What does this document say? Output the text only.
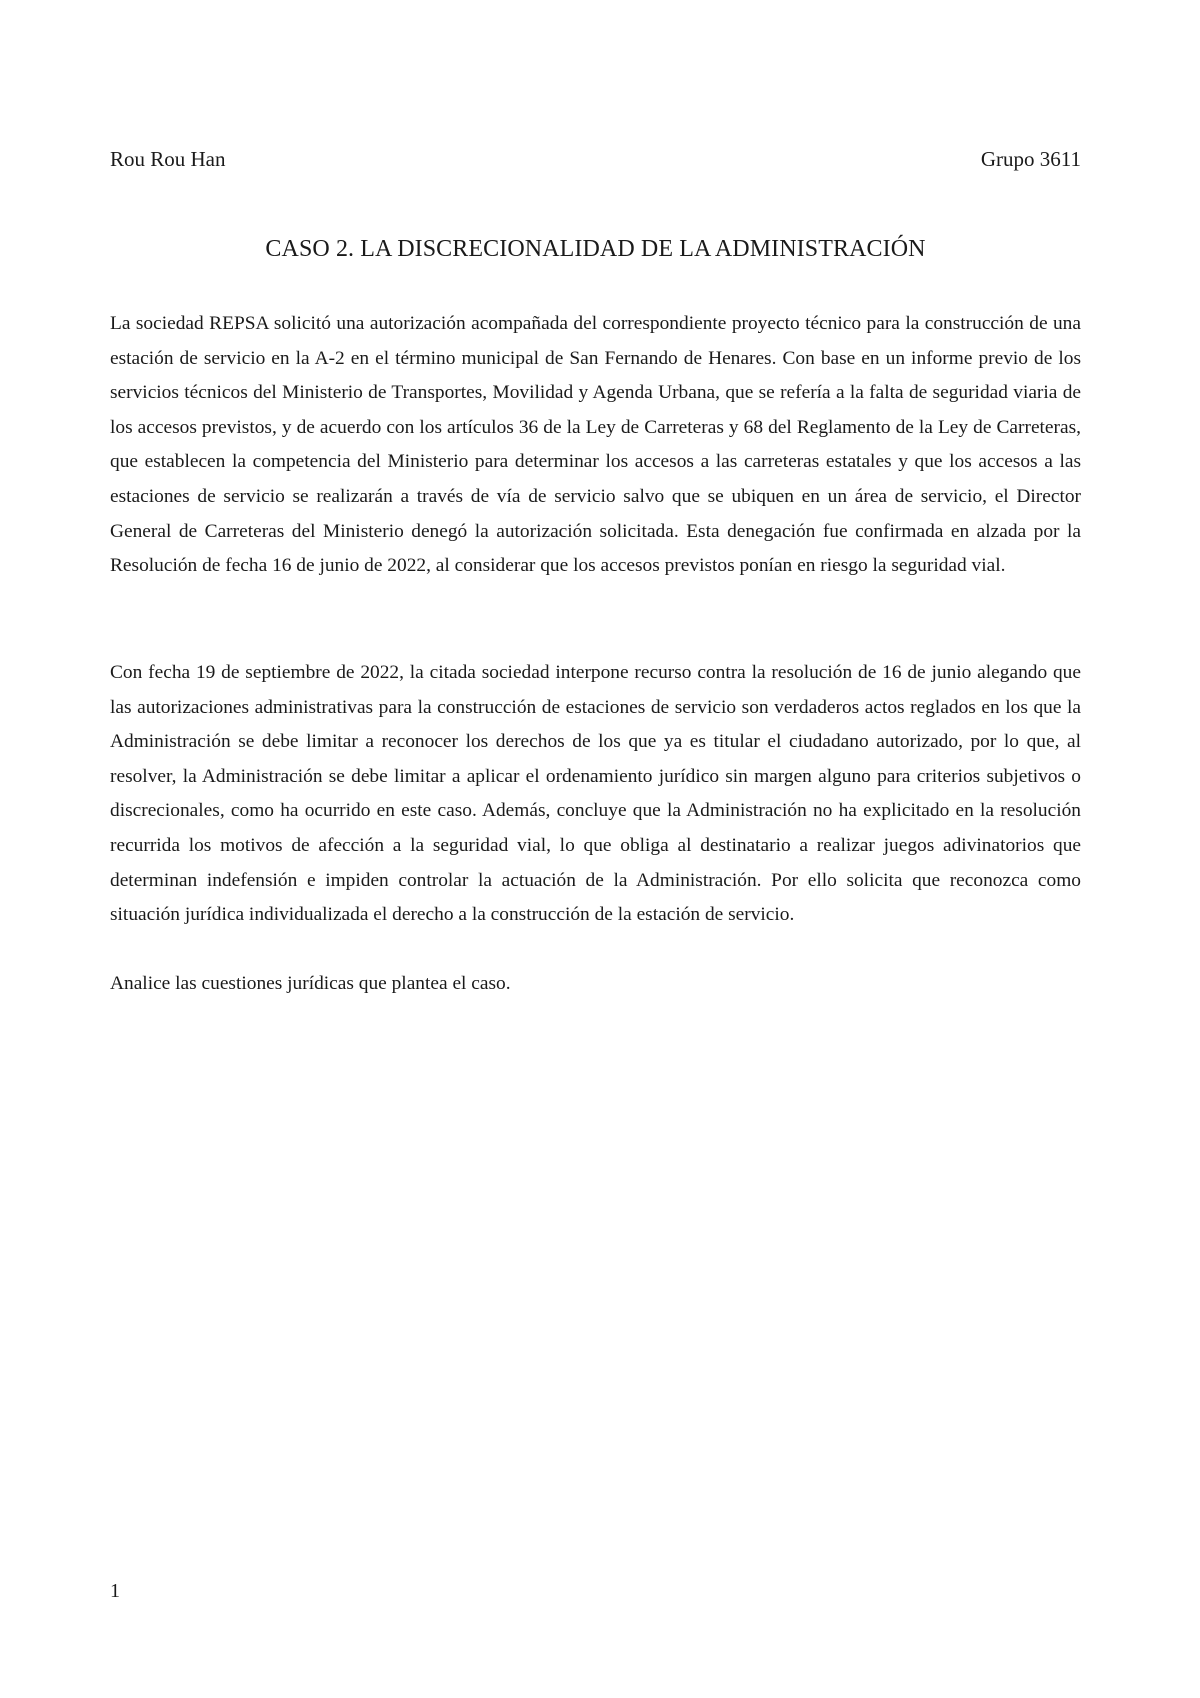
Rou Rou Han	Grupo 3611
CASO 2. LA DISCRECIONALIDAD DE LA ADMINISTRACIÓN

La sociedad REPSA solicitó una autorización acompañada del correspondiente proyecto técnico para la construcción de una estación de servicio en la A-2 en el término municipal de San Fernando de Henares. Con base en un informe previo de los servicios técnicos del Ministerio de Transportes, Movilidad y Agenda Urbana, que se refería a la falta de seguridad viaria de los accesos previstos, y de acuerdo con los artículos 36 de la Ley de Carreteras y 68 del Reglamento de la Ley de Carreteras, que establecen la competencia del Ministerio para determinar los accesos a las carreteras estatales y que los accesos a las estaciones de servicio se realizarán a través de vía de servicio salvo que se ubiquen en un área de servicio, el Director General de Carreteras del Ministerio denegó la autorización solicitada. Esta denegación fue confirmada en alzada por la Resolución de fecha 16 de junio de 2022, al considerar que los accesos previstos ponían en riesgo la seguridad vial.

Con fecha 19 de septiembre de 2022, la citada sociedad interpone recurso contra la resolución de 16 de junio alegando que las autorizaciones administrativas para la construcción de estaciones de servicio son verdaderos actos reglados en los que la Administración se debe limitar a reconocer los derechos de los que ya es titular el ciudadano autorizado, por lo que, al resolver, la Administración se debe limitar a aplicar el ordenamiento jurídico sin margen alguno para criterios subjetivos o discrecionales, como ha ocurrido en este caso. Además, concluye que la Administración no ha explicitado en la resolución recurrida los motivos de afección a la seguridad vial, lo que obliga al destinatario a realizar juegos adivinatorios que determinan indefensión e impiden controlar la actuación de la Administración. Por ello solicita que reconozca como situación jurídica individualizada el derecho a la construcción de la estación de servicio.

Analice las cuestiones jurídicas que plantea el caso.

1
